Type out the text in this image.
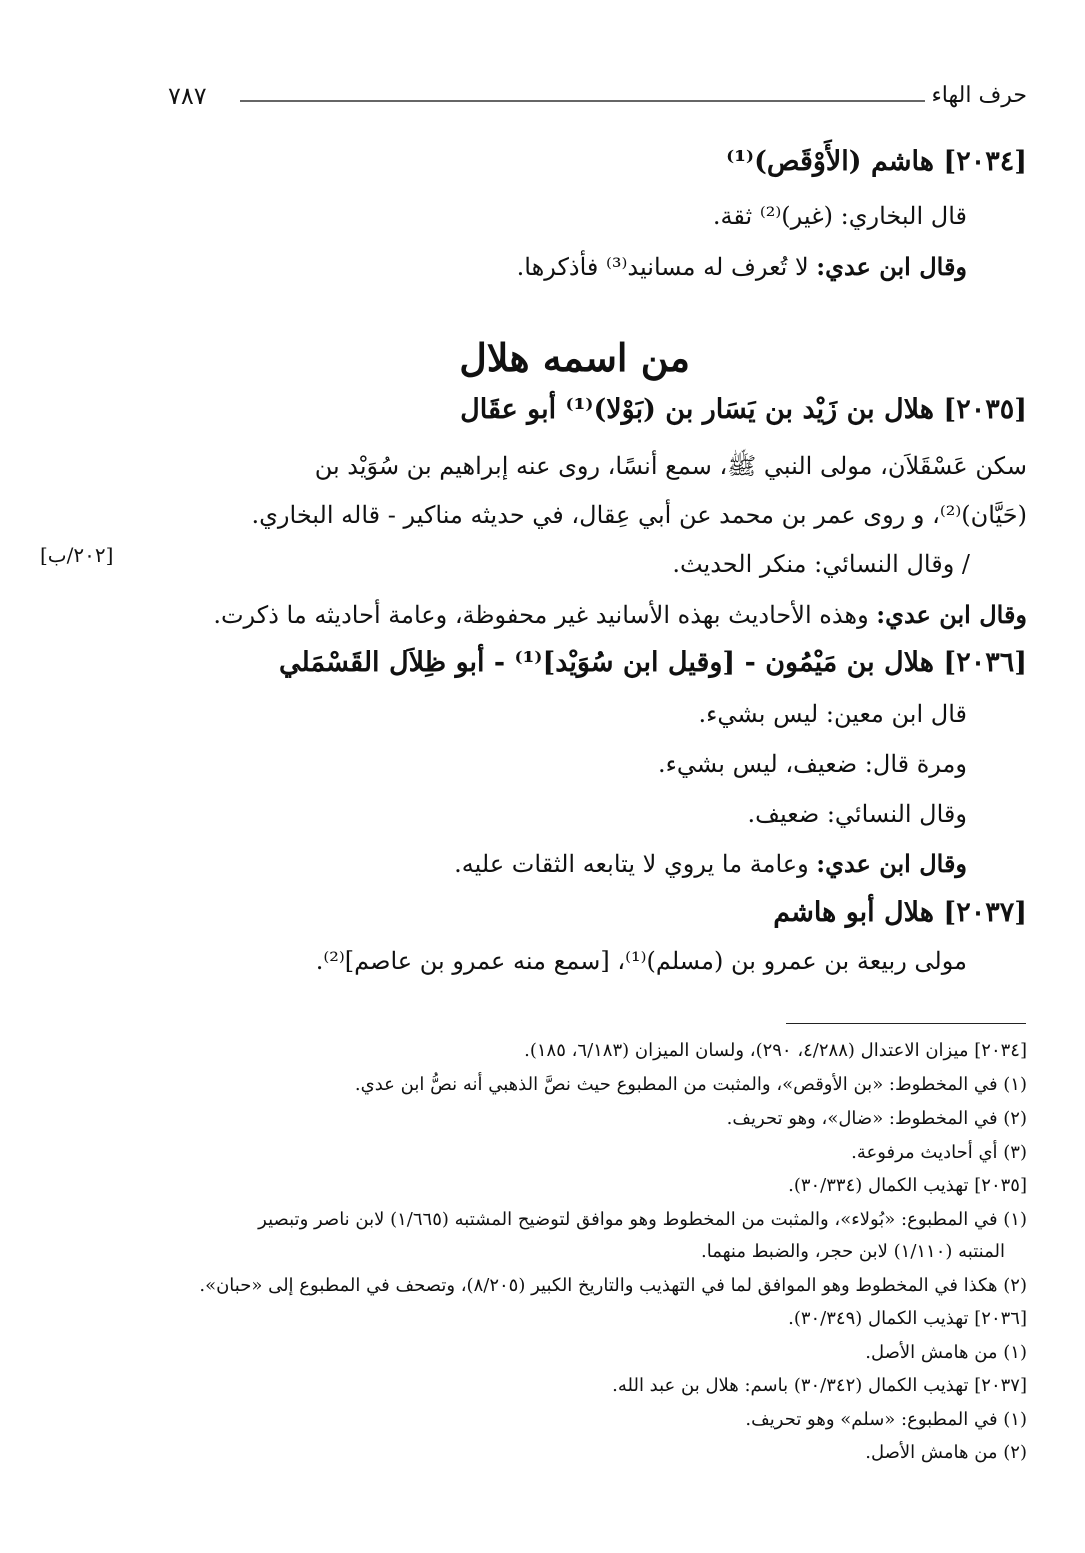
حرف الهاء
٧٨٧
[٢٠٣٤] هاشم (الأَوْقَص)⁽¹⁾
قال البخاري: (غير)⁽²⁾ ثقة.
وقال ابن عدي: لا تُعرف له مسانيد⁽³⁾ فأذكرها.
من اسمه هلال
[٢٠٣٥] هلال بن زَيْد بن يَسَار بن (بَوْلا)⁽¹⁾ أبو عقَال
سكن عَسْقَلاَن، مولى النبي ﷺ، سمع أنسًا، روى عنه إبراهيم بن سُوَيْد بن
(حَيَّان)⁽²⁾، و روى عمر بن محمد عن أبي عِقال، في حديثه مناكير - قاله البخاري.
/ وقال النسائي: منكر الحديث.
[٢٠٢/ب]
وقال ابن عدي: وهذه الأحاديث بهذه الأسانيد غير محفوظة، وعامة أحاديثه ما ذكرت.
[٢٠٣٦] هلال بن مَيْمُون - [وقيل ابن سُوَيْد]⁽¹⁾ - أبو ظِلاَل القَسْمَلي
قال ابن معين: ليس بشيء.
ومرة قال: ضعيف، ليس بشيء.
وقال النسائي: ضعيف.
وقال ابن عدي: وعامة ما يروي لا يتابعه الثقات عليه.
[٢٠٣٧] هلال أبو هاشم
مولى ربيعة بن عمرو بن (مسلم)⁽¹⁾، [سمع منه عمرو بن عاصم]⁽²⁾.
[٢٠٣٤] ميزان الاعتدال (٤/٢٨٨، ٢٩٠)، ولسان الميزان (٦/١٨٣، ١٨٥).
(١) في المخطوط: «بن الأوقص»، والمثبت من المطبوع حيث نصَّ الذهبي أنه نصُّ ابن عدي.
(٢) في المخطوط: «ضال»، وهو تحريف.
(٣) أي أحاديث مرفوعة.
[٢٠٣٥] تهذيب الكمال (٣٠/٣٣٤).
(١) في المطبوع: «بُولاء»، والمثبت من المخطوط وهو موافق لتوضيح المشتبه (١/٦٦٥) لابن ناصر وتبصير
المنتبه (١/١١٠) لابن حجر، والضبط منهما.
(٢) هكذا في المخطوط وهو الموافق لما في التهذيب والتاريخ الكبير (٨/٢٠٥)، وتصحف في المطبوع إلى «حبان».
[٢٠٣٦] تهذيب الكمال (٣٠/٣٤٩).
(١) من هامش الأصل.
[٢٠٣٧] تهذيب الكمال (٣٠/٣٤٢) باسم: هلال بن عبد الله.
(١) في المطبوع: «سلم» وهو تحريف.
(٢) من هامش الأصل.
